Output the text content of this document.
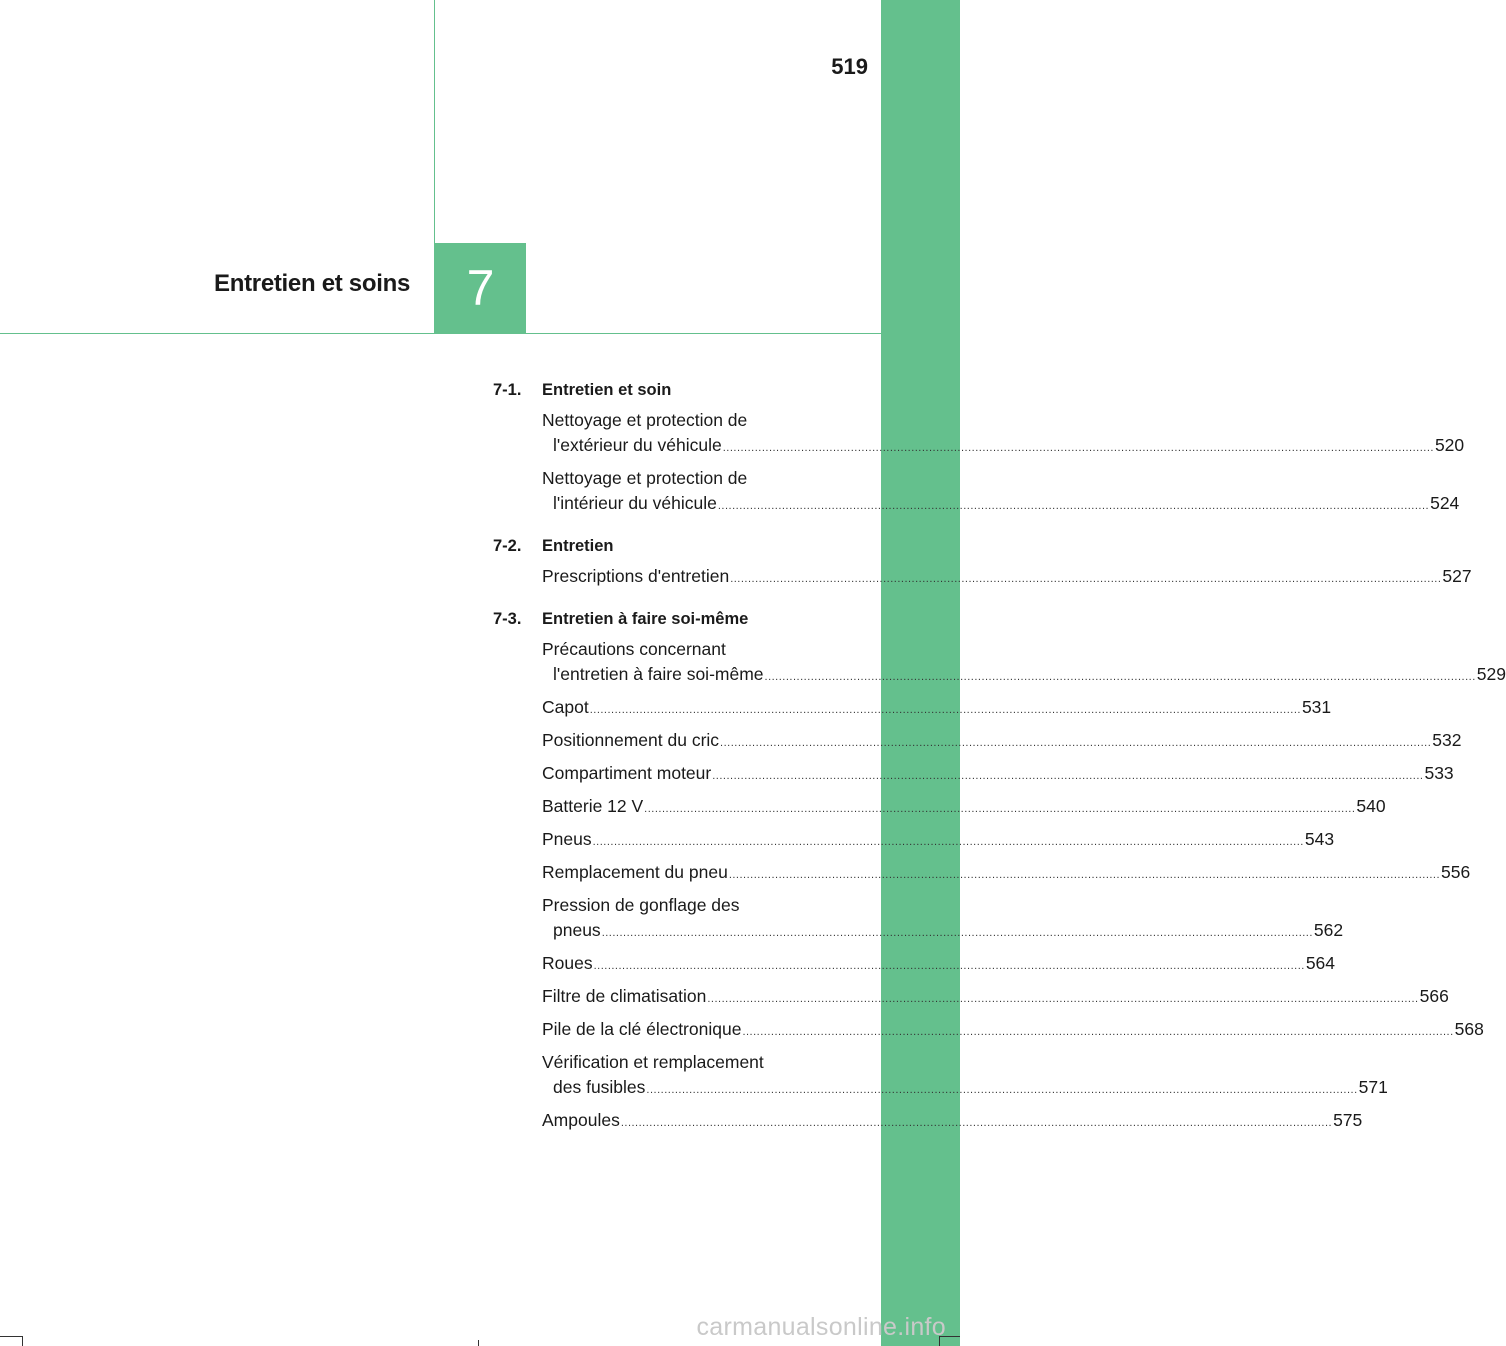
519
Entretien et soins	7
7-1.	Entretien et soin
Nettoyage et protection de
l'extérieur du véhicule ........................................................................................................................................................................................................ 520
Nettoyage et protection de
l'intérieur du véhicule ........................................................................................................................................................................................................ 524
7-2.	Entretien
Prescriptions d'entretien ........................................................................................................................................................................................................ 527
7-3.	Entretien à faire soi-même
Précautions concernant
l'entretien à faire soi-même ........................................................................................................................................................................................................ 529
Capot ........................................................................................................................................................................................................ 531
Positionnement du cric ........................................................................................................................................................................................................ 532
Compartiment moteur ........................................................................................................................................................................................................ 533
Batterie 12 V ........................................................................................................................................................................................................ 540
Pneus ........................................................................................................................................................................................................ 543
Remplacement du pneu ........................................................................................................................................................................................................ 556
Pression de gonflage des
pneus ........................................................................................................................................................................................................ 562
Roues ........................................................................................................................................................................................................ 564
Filtre de climatisation ........................................................................................................................................................................................................ 566
Pile de la clé électronique ........................................................................................................................................................................................................ 568
Vérification et remplacement
des fusibles ........................................................................................................................................................................................................ 571
Ampoules ........................................................................................................................................................................................................ 575
carmanualsonline.info
